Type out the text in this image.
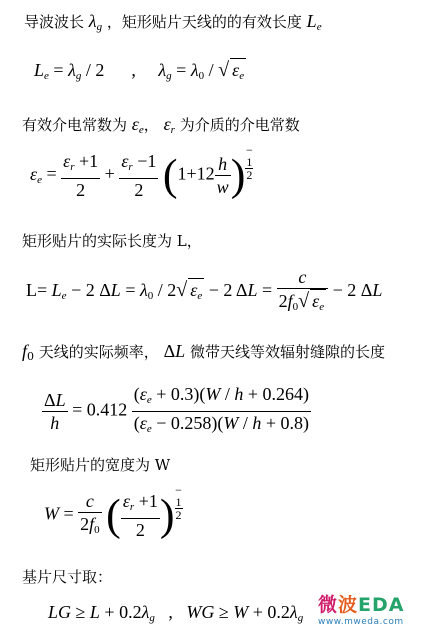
导波波长 $\lambda_g$ ，矩形贴片天线的的有效长度 $L_e$
$L_e = \lambda_g / 2$      ,     $\lambda_g = \lambda_0$ / √ $\varepsilon_e$
有效介电常数为 $\varepsilon_e$， $\varepsilon_r$ 为介质的介电常数
$\varepsilon_e = \frac{\varepsilon_r +1}{2} + \frac{\varepsilon_r -1}{2} (1+12 \frac{h}{w}$ )
−
1
2
矩形贴片的实际长度为 L，
$L= L_e - 2$ $\Delta L = \lambda_0 / 2√$ $\varepsilon_e - 2$ $\Delta L = \frac{c}{2f_0√ \varepsilon_e} - 2$ ΔL
$f_0$ 天线的实际频率， ΔL 微带天线等效辐射缝隙的长度
$\frac{\Delta L}{h} = 0.412 \frac{(\varepsilon_e + 0.3)(W / h + 0.264)}{(\varepsilon_e - 0.258)(W / h + 0.8)}$
矩形贴片的宽度为 W
$W = \frac{c}{2f_0}$ ( $\frac{\varepsilon_r +1}{2}$ )
−
1
2
基片尺寸取：
LG ≥ $L + 0.2\lambda_g$   ,   WG ≥ $W + 0.2\lambda_g$
微波EDA
www.mweda.com
